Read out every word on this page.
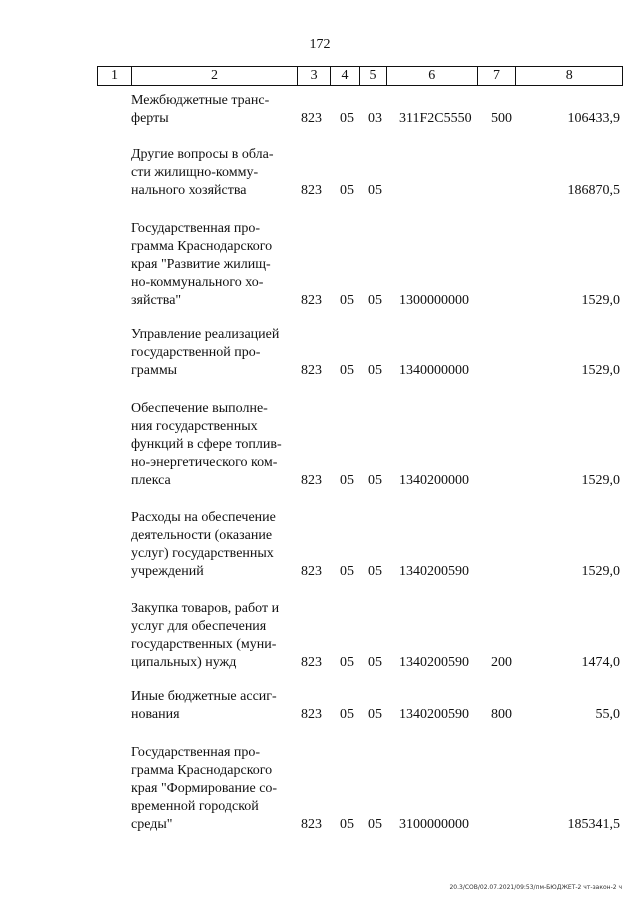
172
1	2	3	4	5	6	7	8
Межбюджетные транс-
ферты	823 05 03 311F2C5550 500	106433,9
Другие вопросы в обла-
сти жилищно-комму-
нального хозяйства	823 05 05	186870,5
Государственная про-
грамма Краснодарского
края "Развитие жилищ-
но-коммунального хо-
зяйства"	823 05 05 1300000000	1529,0
Управление реализацией
государственной про-
граммы	823 05 05 1340000000	1529,0
Обеспечение выполне-
ния государственных
функций в сфере топлив-
но-энергетического ком-
плекса	823 05 05 1340200000	1529,0
Расходы на обеспечение
деятельности (оказание
услуг) государственных
учреждений	823 05 05 1340200590	1529,0
Закупка товаров, работ и
услуг для обеспечения
государственных (муни-
ципальных) нужд	823 05 05 1340200590 200	1474,0
Иные бюджетные ассиг-
нования	823 05 05 1340200590 800	55,0
Государственная про-
грамма Краснодарского
края "Формирование со-
временной городской
среды"	823 05 05 3100000000	185341,5
20.3/СОВ/02.07.2021/09:53/пм-БЮДЖЕТ-2 чт-закон-2 ч
